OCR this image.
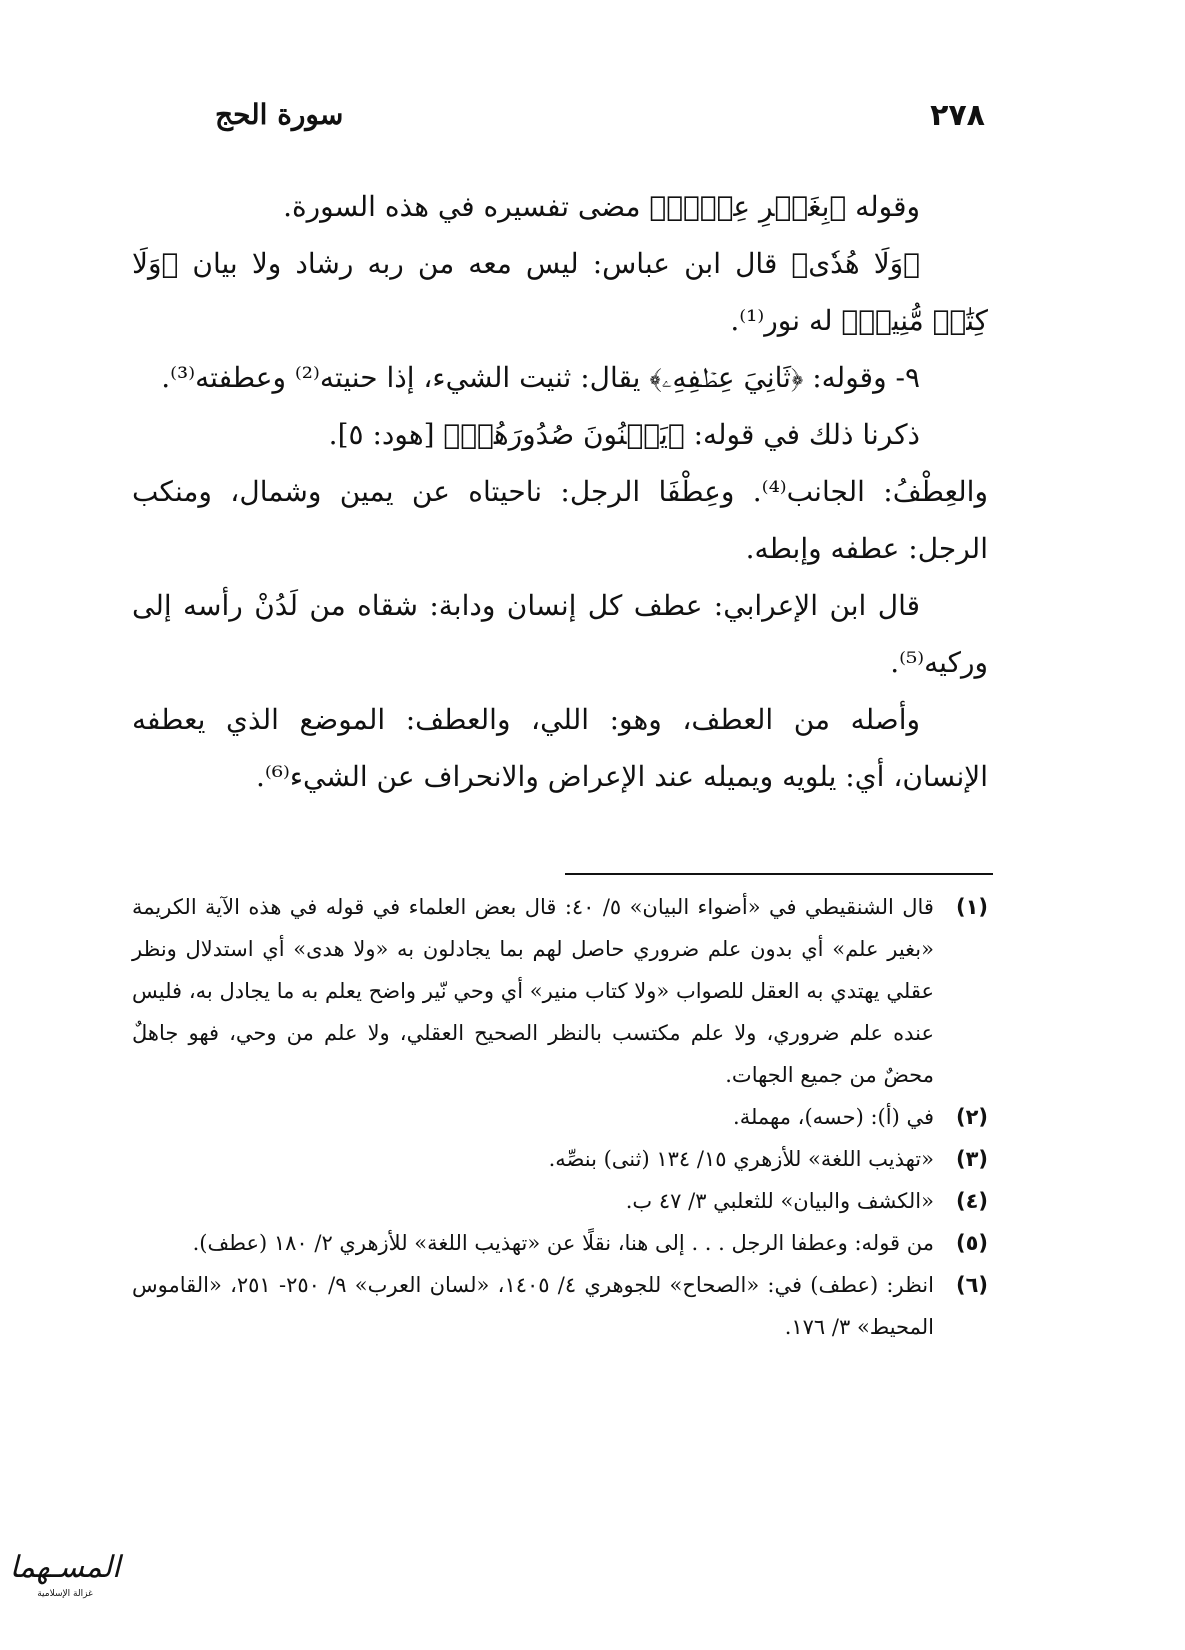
٢٧٨
سورة الحج

وقوله ﴿بِغَيۡرِ عِلۡمٖ﴾ مضى تفسيره في هذه السورة.

﴿وَلَا هُدٗى﴾ قال ابن عباس: ليس معه من ربه رشاد ولا بيان ﴿وَلَا كِتَٰبٖ مُّنِيرٖ﴾ له نور⁽¹⁾.

٩- وقوله: ﴿ثَانِيَ عِطۡفِهِۦ﴾ يقال: ثنيت الشيء، إذا حنيته⁽²⁾ وعطفته⁽³⁾.

ذكرنا ذلك في قوله: ﴿يَثۡنُونَ صُدُورَهُمۡ﴾ [هود: ٥].

والعِطْفُ: الجانب⁽⁴⁾. وعِطْفَا الرجل: ناحيتاه عن يمين وشمال، ومنكب الرجل: عطفه وإبطه.

قال ابن الإعرابي: عطف كل إنسان ودابة: شقاه من لَدُنْ رأسه إلى وركيه⁽⁵⁾.

وأصله من العطف، وهو: اللي، والعطف: الموضع الذي يعطفه الإنسان، أي: يلويه ويميله عند الإعراض والانحراف عن الشيء⁽⁶⁾.

(١)
قال الشنقيطي في «أضواء البيان» ٥/ ٤٠: قال بعض العلماء في قوله في هذه الآية الكريمة «بغير علم» أي بدون علم ضروري حاصل لهم بما يجادلون به «ولا هدى» أي استدلال ونظر عقلي يهتدي به العقل للصواب «ولا كتاب منير» أي وحي نّير واضح يعلم به ما يجادل به، فليس عنده علم ضروري، ولا علم مكتسب بالنظر الصحيح العقلي، ولا علم من وحي، فهو جاهلٌ محضٌ من جميع الجهات.
(٢)
في (أ): (حسه)، مهملة.
(٣)
«تهذيب اللغة» للأزهري ١٥/ ١٣٤ (ثنى) بنصِّه.
(٤)
«الكشف والبيان» للثعلبي ٣/ ٤٧ ب.
(٥)
من قوله: وعطفا الرجل . . . إلى هنا، نقلًا عن «تهذيب اللغة» للأزهري ٢/ ١٨٠ (عطف).
(٦)
انظر: (عطف) في: «الصحاح» للجوهري ٤/ ١٤٠٥، «لسان العرب» ٩/ ٢٥٠- ٢٥١، «القاموس المحيط» ٣/ ١٧٦.
المسـهما
غزالة الإسلامية
